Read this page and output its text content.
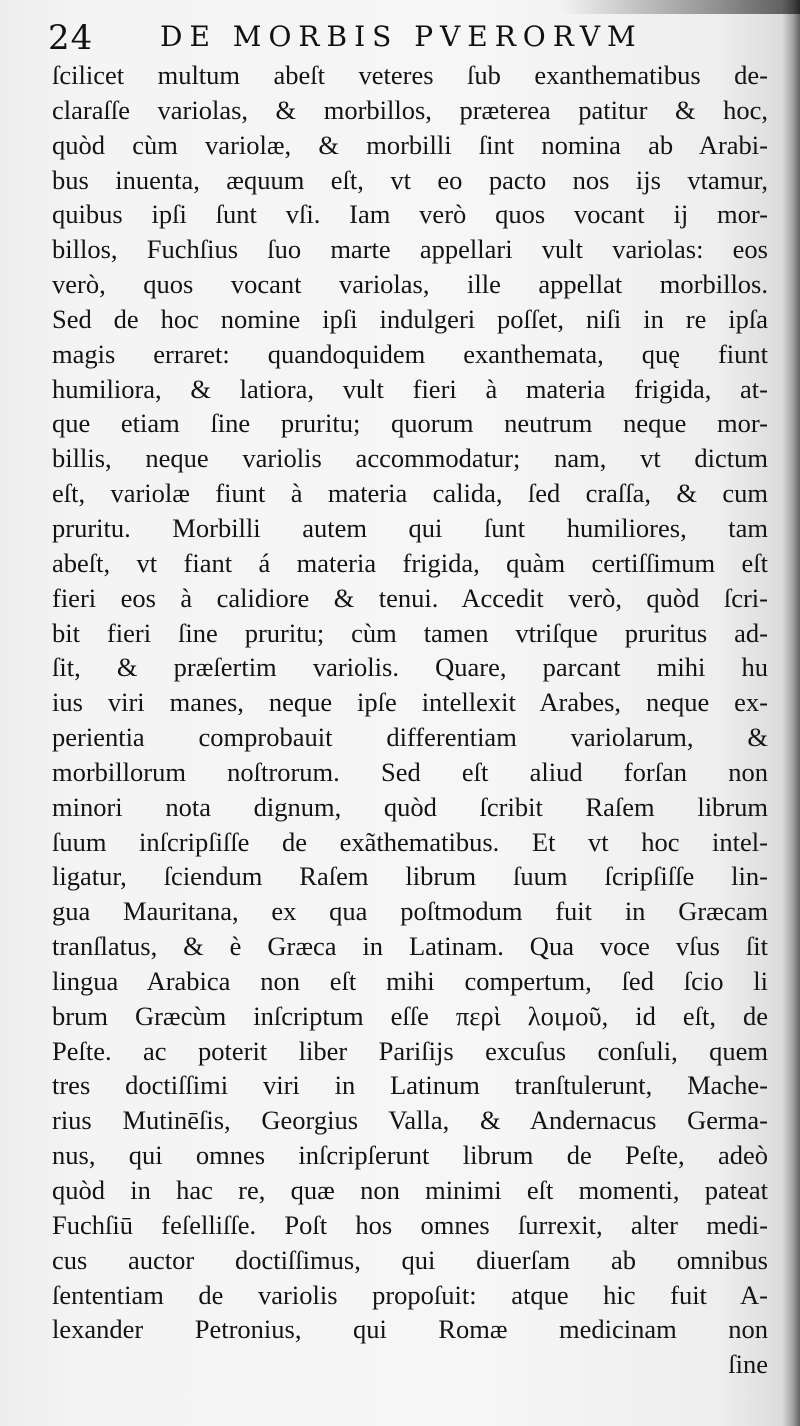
24 DE MORBIS PVERORVM
ſcilicet multum abeſt veteres ſub exanthematibus de-
claraſſe variolas, & morbillos, præterea patitur & hoc,
quòd cùm variolæ, & morbilli ſint nomina ab Arabi-
bus inuenta, æquum eſt, vt eo pacto nos ijs vtamur,
quibus ipſi ſunt vſi. Iam verò quos vocant ij mor-
billos, Fuchſius ſuo marte appellari vult variolas: eos
verò, quos vocant variolas, ille appellat morbillos.
Sed de hoc nomine ipſi indulgeri poſſet, niſi in re ipſa
magis erraret: quandoquidem exanthemata, quę fiunt
humiliora, & latiora, vult fieri à materia frigida, at-
que etiam ſine pruritu; quorum neutrum neque mor-
billis, neque variolis accommodatur; nam, vt dictum
eſt, variolæ fiunt à materia calida, ſed craſſa, & cum
pruritu. Morbilli autem qui ſunt humiliores, tam
abeſt, vt fiant á materia frigida, quàm certiſſimum eſt
fieri eos à calidiore & tenui. Accedit verò, quòd ſcri-
bit fieri ſine pruritu; cùm tamen vtriſque pruritus ad-
ſit, & præſertim variolis. Quare, parcant mihi hu
ius viri manes, neque ipſe intellexit Arabes, neque ex-
perientia comprobauit differentiam variolarum, &
morbillorum noſtrorum. Sed eſt aliud forſan non
minori nota dignum, quòd ſcribit Raſem librum
ſuum inſcripſiſſe de exãthematibus. Et vt hoc intel-
ligatur, ſciendum Raſem librum ſuum ſcripſiſſe lin-
gua Mauritana, ex qua poſtmodum fuit in Græcam
tranſlatus, & è Græca in Latinam. Qua voce vſus ſit
lingua Arabica non eſt mihi compertum, ſed ſcio li
brum Græcùm inſcriptum eſſe περὶ λοιμοῦ, id eſt, de
Peſte. ac poterit liber Pariſijs excuſus conſuli, quem
tres doctiſſimi viri in Latinum tranſtulerunt, Mache-
rius Mutinēſis, Georgius Valla, & Andernacus Germa-
nus, qui omnes inſcripſerunt librum de Peſte, adeò
quòd in hac re, quæ non minimi eſt momenti, pateat
Fuchſiū feſelliſſe. Poſt hos omnes ſurrexit, alter medi-
cus auctor doctiſſimus, qui diuerſam ab omnibus
ſententiam de variolis propoſuit: atque hic fuit A-
lexander Petronius, qui Romæ medicinam non
ſine
